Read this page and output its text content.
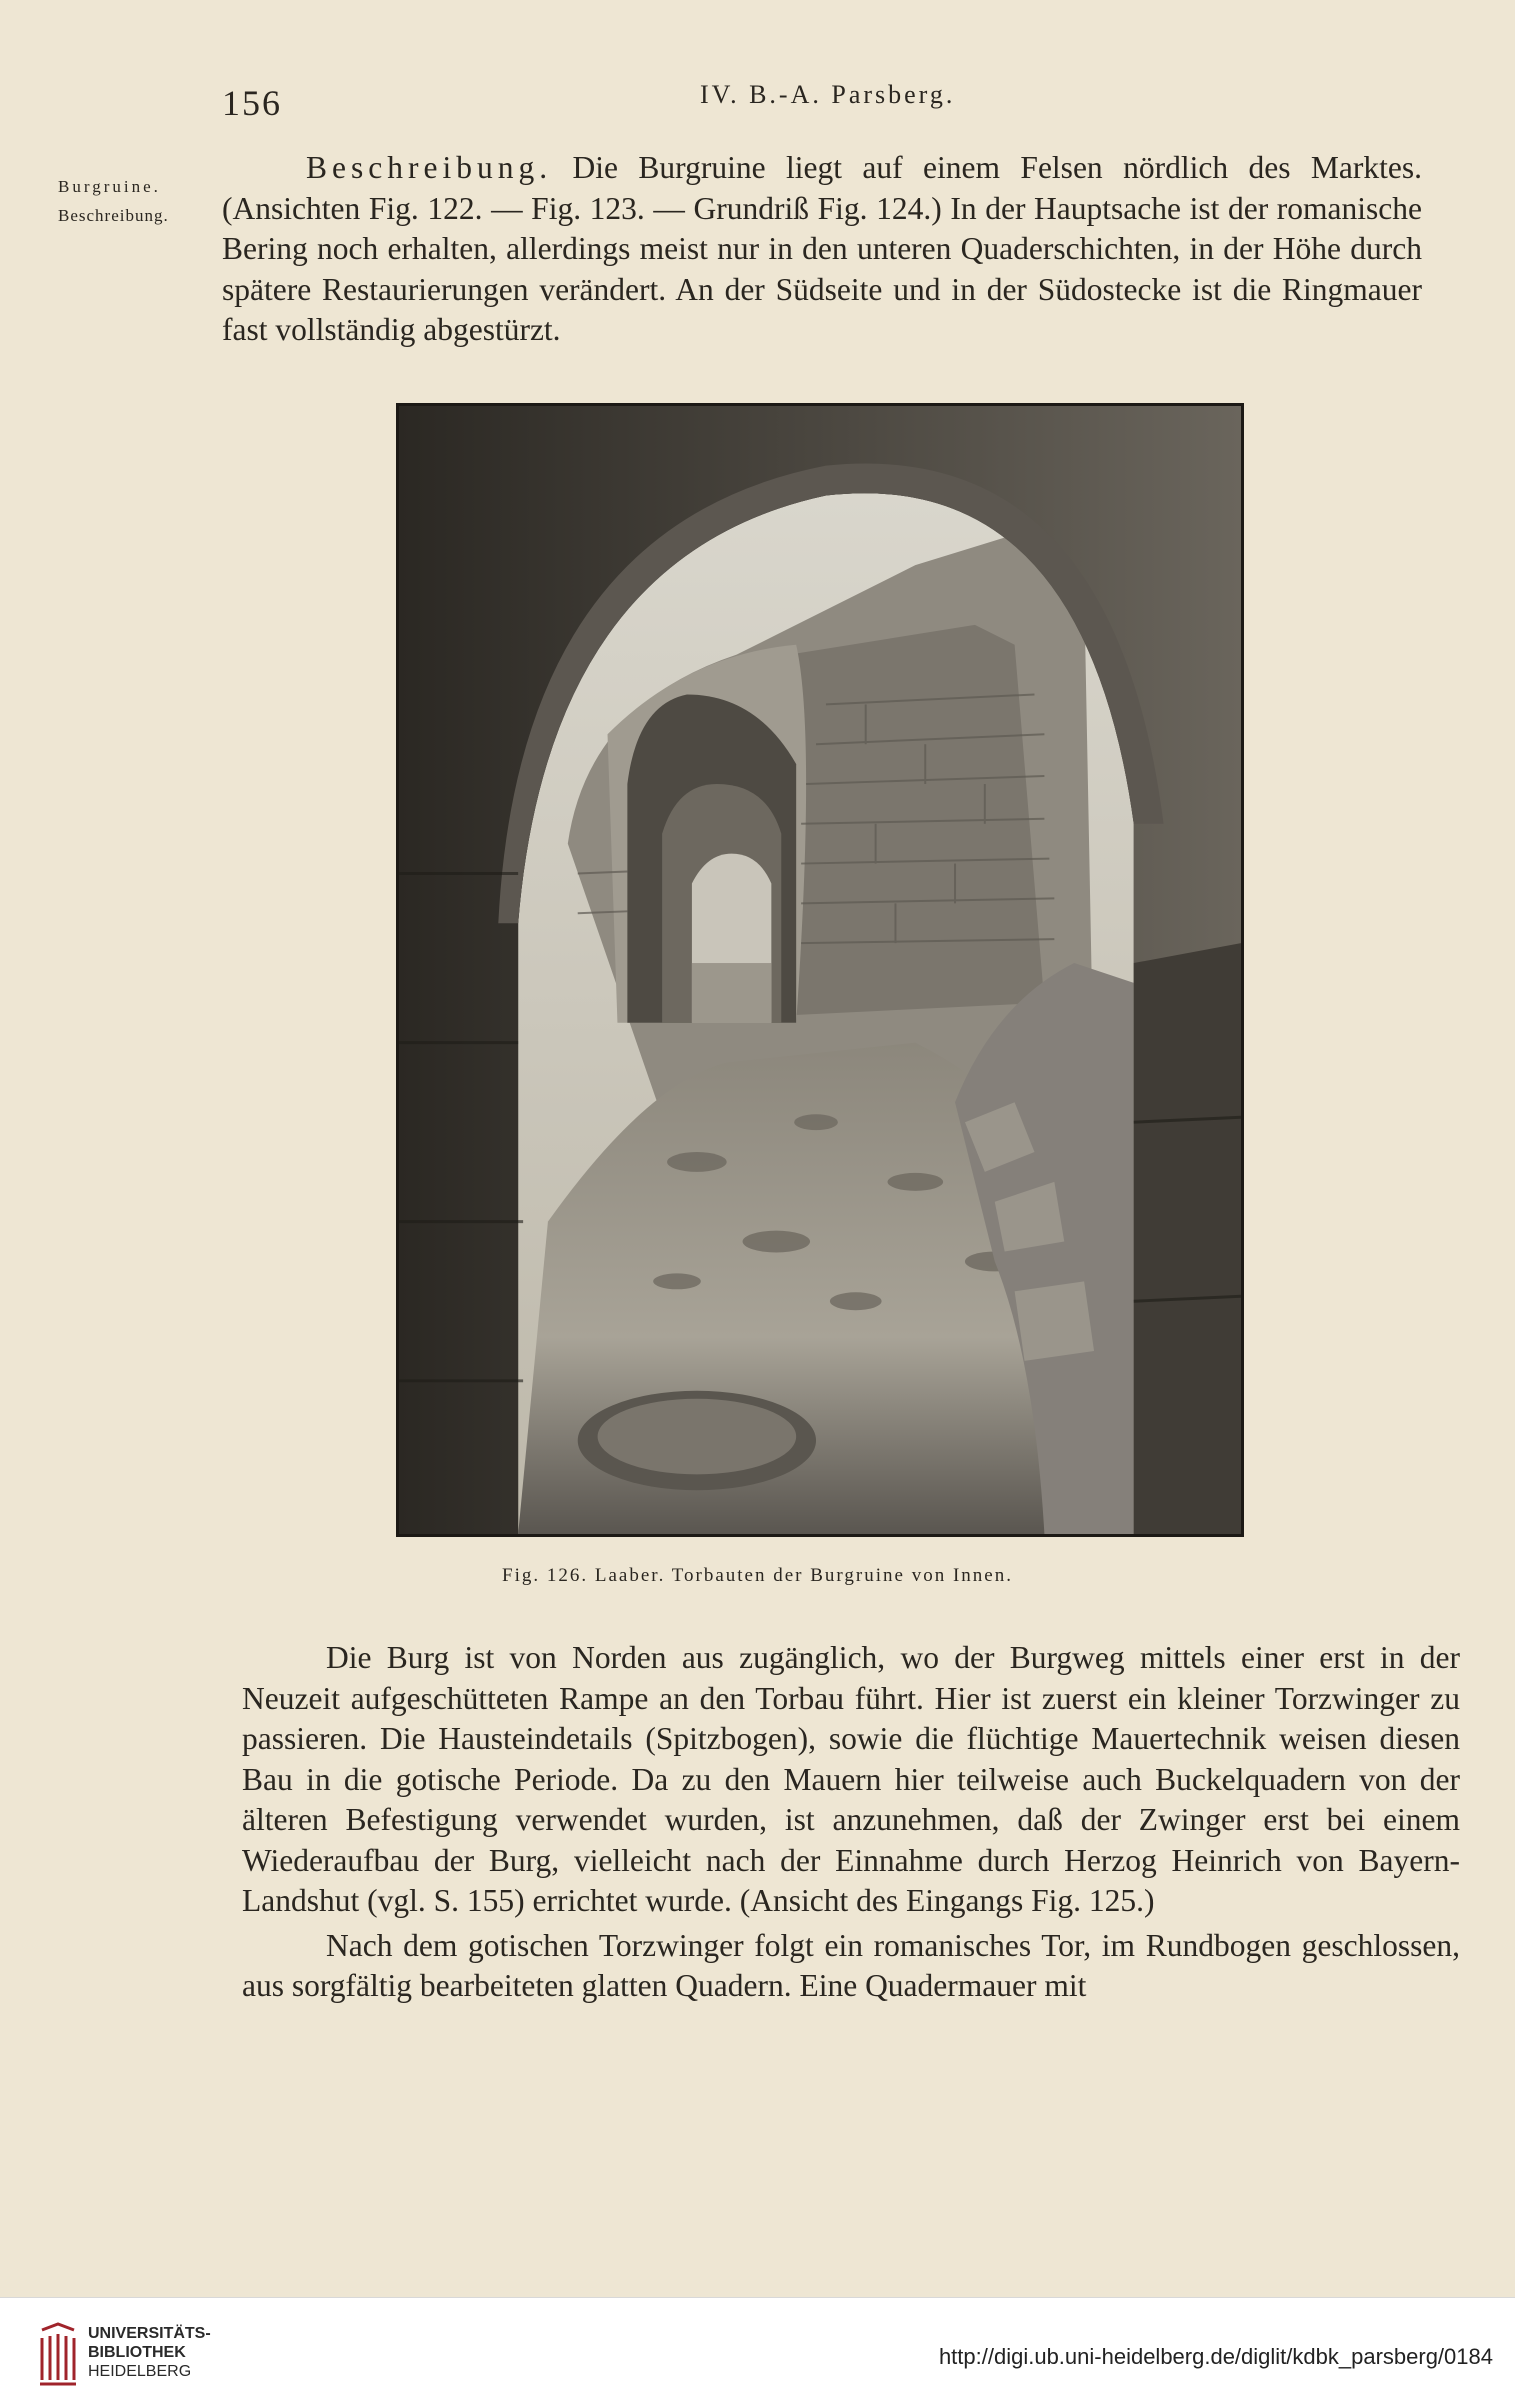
156	IV. B.-A. Parsberg.
Burgruine.
Beschreibung.

Beschreibung. Die Burgruine liegt auf einem Felsen nördlich des Marktes. (Ansichten Fig. 122. — Fig. 123. — Grundriß Fig. 124.) In der Hauptsache ist der romanische Bering noch erhalten, allerdings meist nur in den unteren Quaderschichten, in der Höhe durch spätere Restaurierungen verändert. An der Südseite und in der Südostecke ist die Ringmauer fast vollständig abgestürzt.

Fig. 126. Laaber. Torbauten der Burgruine von Innen.

Die Burg ist von Norden aus zugänglich, wo der Burgweg mittels einer erst in der Neuzeit aufgeschütteten Rampe an den Torbau führt. Hier ist zuerst ein kleiner Torzwinger zu passieren. Die Hausteindetails (Spitzbogen), sowie die flüchtige Mauertechnik weisen diesen Bau in die gotische Periode. Da zu den Mauern hier teilweise auch Buckelquadern von der älteren Befestigung verwendet wurden, ist anzunehmen, daß der Zwinger erst bei einem Wiederaufbau der Burg, vielleicht nach der Einnahme durch Herzog Heinrich von Bayern-Landshut (vgl. S. 155) errichtet wurde. (Ansicht des Eingangs Fig. 125.)

Nach dem gotischen Torzwinger folgt ein romanisches Tor, im Rundbogen geschlossen, aus sorgfältig bearbeiteten glatten Quadern. Eine Quadermauer mit

UNIVERSITÄTS-
BIBLIOTHEK
HEIDELBERG
http://digi.ub.uni-heidelberg.de/diglit/kdbk_parsberg/0184
